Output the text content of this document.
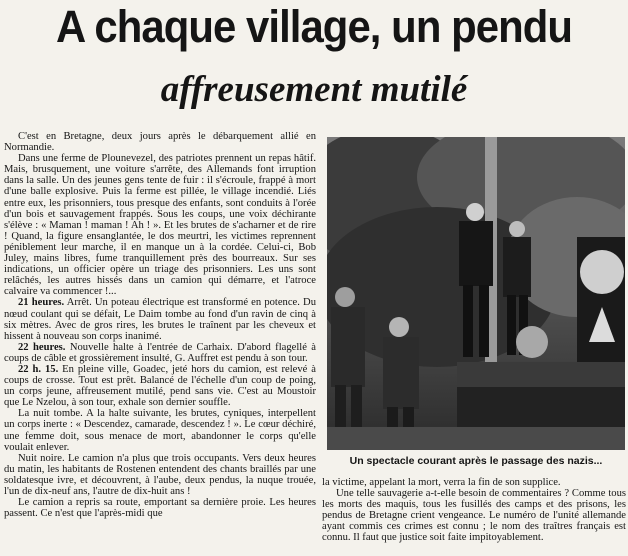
A chaque village, un pendu
affreusement mutilé

C'est en Bretagne, deux jours après le débarquement allié en Normandie.

Dans une ferme de Plounevezel, des patriotes prennent un repas hâtif. Mais, brusquement, une voiture s'arrête, des Allemands font irruption dans la salle. Un des jeunes gens tente de fuir : il s'écroule, frappé à mort d'une balle explosive. Puis la ferme est pillée, le village incendié. Liés entre eux, les prisonniers, tous presque des enfants, sont conduits à l'orée d'un bois et sauvagement frappés. Sous les coups, une voix déchirante s'élève : « Maman ! maman ! Ah ! ». Et les brutes de s'acharner et de rire ! Quand, la figure ensanglantée, le dos meurtri, les victimes reprennent péniblement leur marche, il en manque un à la cordée. Celui-ci, Bob Juley, mains libres, fume tranquillement près des bourreaux. Sur ses indications, un officier opère un triage des prisonniers. Les uns sont relâchés, les autres hissés dans un camion qui démarre, et l'atroce calvaire va commencer !...

21 heures. Arrêt. Un poteau électrique est transformé en potence. Du nœud coulant qui se défait, Le Daim tombe au fond d'un ravin de cinq à six mètres. Avec de gros rires, les brutes le traînent par les cheveux et hissent à nouveau son corps inanimé.

22 heures. Nouvelle halte à l'entrée de Carhaix. D'abord flagellé à coups de câble et grossièrement insulté, G. Auffret est pendu à son tour.

22 h. 15. En pleine ville, Goadec, jeté hors du camion, est relevé à coups de crosse. Tout est prêt. Balancé de l'échelle d'un coup de poing, un corps jeune, affreusement mutilé, pend sans vie. C'est au Moustoir que Le Nzelou, à son tour, exhale son dernier souffle.

La nuit tombe. A la halte suivante, les brutes, cyniques, interpellent un corps inerte : « Descendez, camarade, descendez ! ». Le cœur déchiré, une femme doit, sous menace de mort, abandonner le corps qu'elle voulait enlever.

Nuit noire. Le camion n'a plus que trois occupants. Vers deux heures du matin, les habitants de Rostenen entendent des chants braillés par une soldatesque ivre, et découvrent, à l'aube, deux pendus, la nuque trouée, l'un de dix-neuf ans, l'autre de dix-huit ans !

Le camion a repris sa route, emportant sa dernière proie. Les heures passent. Ce n'est que l'après-midi que

Un spectacle courant après le passage des nazis...

la victime, appelant la mort, verra la fin de son supplice.

Une telle sauvagerie a-t-elle besoin de commentaires ? Comme tous les morts des maquis, tous les fusillés des camps et des prisons, les pendus de Bretagne crient vengeance. Le numéro de l'unité allemande ayant commis ces crimes est connu ; le nom des traîtres français est connu. Il faut que justice soit faite impitoyablement.
